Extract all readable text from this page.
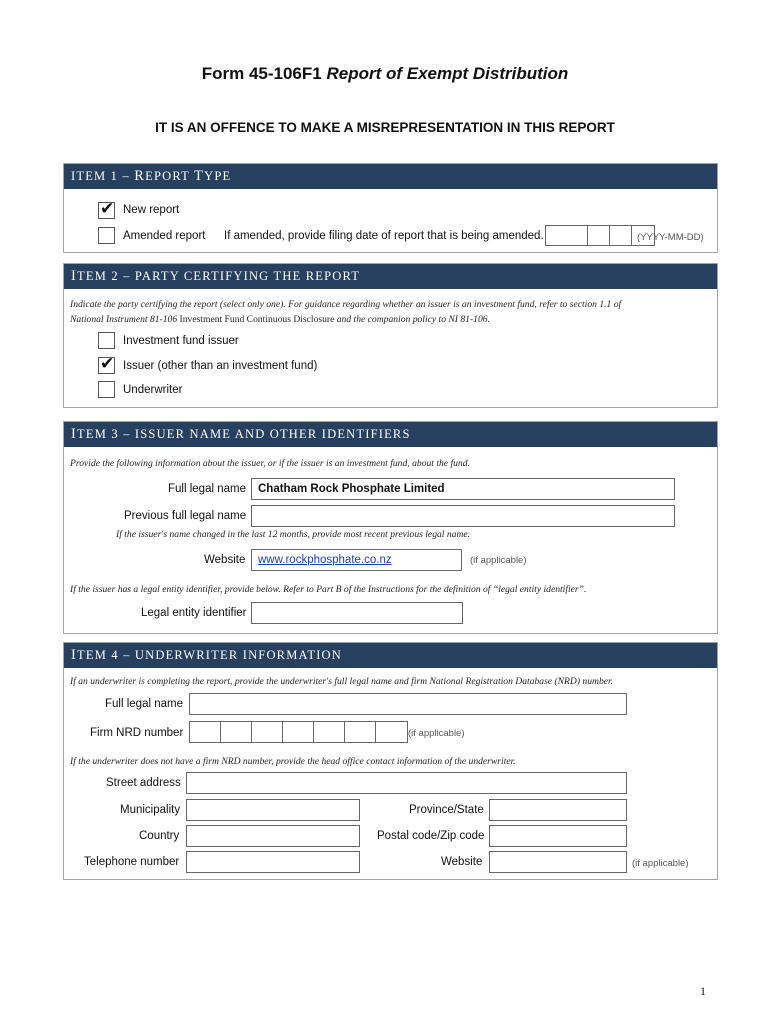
Form 45-106F1 Report of Exempt Distribution
IT IS AN OFFENCE TO MAKE A MISREPRESENTATION IN THIS REPORT
ITEM 1 – REPORT TYPE
✔ New report
Amended report If amended, provide filing date of report that is being amended.	(YYYY-MM-DD)
ITEM 2 – PARTY CERTIFYING THE REPORT
Indicate the party certifying the report (select only one). For guidance regarding whether an issuer is an investment fund, refer to section 1.1 of
National Instrument 81-106 Investment Fund Continuous Disclosure and the companion policy to NI 81-106.
Investment fund issuer
✔ Issuer (other than an investment fund)
Underwriter
ITEM 3 – ISSUER NAME AND OTHER IDENTIFIERS
Provide the following information about the issuer, or if the issuer is an investment fund, about the fund.
Full legal name	Chatham Rock Phosphate Limited
Previous full legal name
If the issuer's name changed in the last 12 months, provide most recent previous legal name.
Website	www.rockphosphate.co.nz	(if applicable)
If the issuer has a legal entity identifier, provide below. Refer to Part B of the Instructions for the definition of “legal entity identifier”.
Legal entity identifier
ITEM 4 – UNDERWRITER INFORMATION
If an underwriter is completing the report, provide the underwriter's full legal name and firm National Registration Database (NRD) number.
Full legal name
Firm NRD number	(if applicable)
If the underwriter does not have a firm NRD number, provide the head office contact information of the underwriter.
Street address
Municipality	Province/State
Country	Postal code/Zip code
Telephone number	Website	(if applicable)
1
